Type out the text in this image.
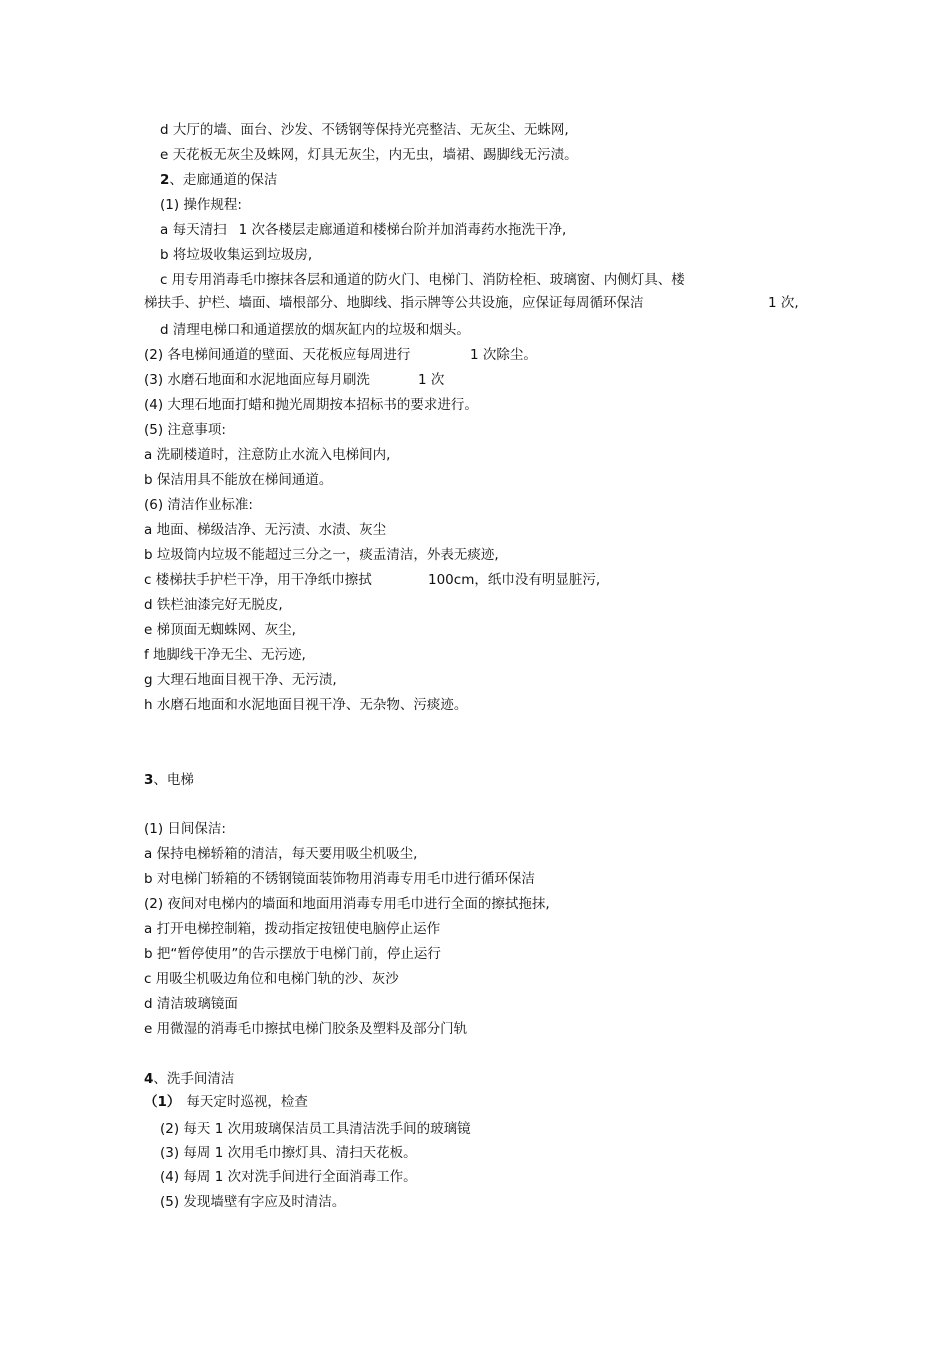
d 大厅的墙、面台、沙发、不锈钢等保持光亮整洁、无灰尘、无蛛网,
e 天花板无灰尘及蛛网，灯具无灰尘，内无虫，墙裙、踢脚线无污渍。
2、走廊通道的保洁
(1) 操作规程:
a 每天清扫 1 次各楼层走廊通道和楼梯台阶并加消毒药水拖洗干净,
b 将垃圾收集运到垃圾房,
c 用专用消毒毛巾擦抹各层和通道的防火门、电梯门、消防栓柜、玻璃窗、内侧灯具、楼
梯扶手、护栏、墙面、墙根部分、地脚线、指示牌等公共设施，应保证每周循环保洁	1 次,
d 清理电梯口和通道摆放的烟灰缸内的垃圾和烟头。
(2) 各电梯间通道的壁面、天花板应每周进行	1 次除尘。
(3) 水磨石地面和水泥地面应每月刷洗	1 次
(4) 大理石地面打蜡和抛光周期按本招标书的要求进行。
(5) 注意事项:
a 洗刷楼道时，注意防止水流入电梯间内,
b 保洁用具不能放在梯间通道。
(6) 清洁作业标准:
a 地面、梯级洁净、无污渍、水渍、灰尘
b 垃圾筒内垃圾不能超过三分之一，痰盂清洁，外表无痰迹,
c 楼梯扶手护栏干净，用干净纸巾擦拭	100cm，纸巾没有明显脏污,
d 铁栏油漆完好无脱皮,
e 梯顶面无蜘蛛网、灰尘,
f 地脚线干净无尘、无污迹,
g 大理石地面目视干净、无污渍,
h 水磨石地面和水泥地面目视干净、无杂物、污痰迹。
3、电梯
(1) 日间保洁:
a 保持电梯轿箱的清洁，每天要用吸尘机吸尘,
b 对电梯门轿箱的不锈钢镜面装饰物用消毒专用毛巾进行循环保洁
(2) 夜间对电梯内的墙面和地面用消毒专用毛巾进行全面的擦拭拖抹,
a 打开电梯控制箱，拨动指定按钮使电脑停止运作
b 把“暂停使用”的告示摆放于电梯门前，停止运行
c 用吸尘机吸边角位和电梯门轨的沙、灰沙
d 清洁玻璃镜面
e 用微湿的消毒毛巾擦拭电梯门胶条及塑料及部分门轨
4、洗手间清洁
（1） 每天定时巡视，检查
(2) 每天 1 次用玻璃保洁员工具清洁洗手间的玻璃镜
(3) 每周 1 次用毛巾擦灯具、清扫天花板。
(4) 每周 1 次对洗手间进行全面消毒工作。
(5) 发现墙壁有字应及时清洁。
